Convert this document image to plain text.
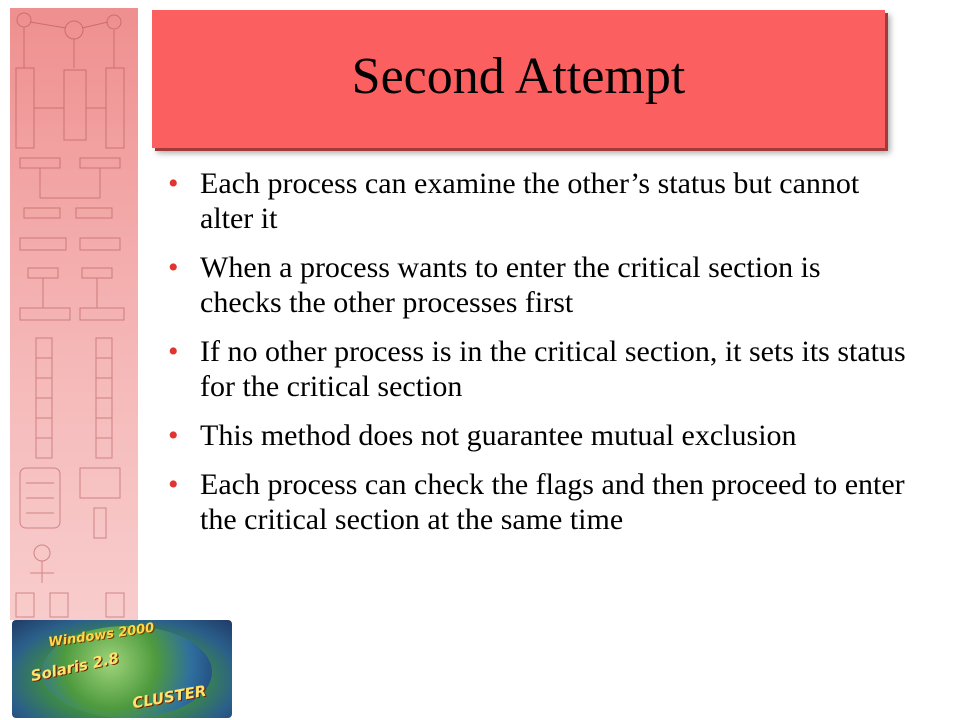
Second Attempt
• Each process can examine the other’s status but cannot alter it
• When a process wants to enter the critical section is checks the other processes first
• If no other process is in the critical section, it sets its status for the critical section
• This method does not guarantee mutual exclusion
• Each process can check the flags and then proceed to enter the critical section at the same time
Windows 2000
Solaris 2.8
CLUSTER
